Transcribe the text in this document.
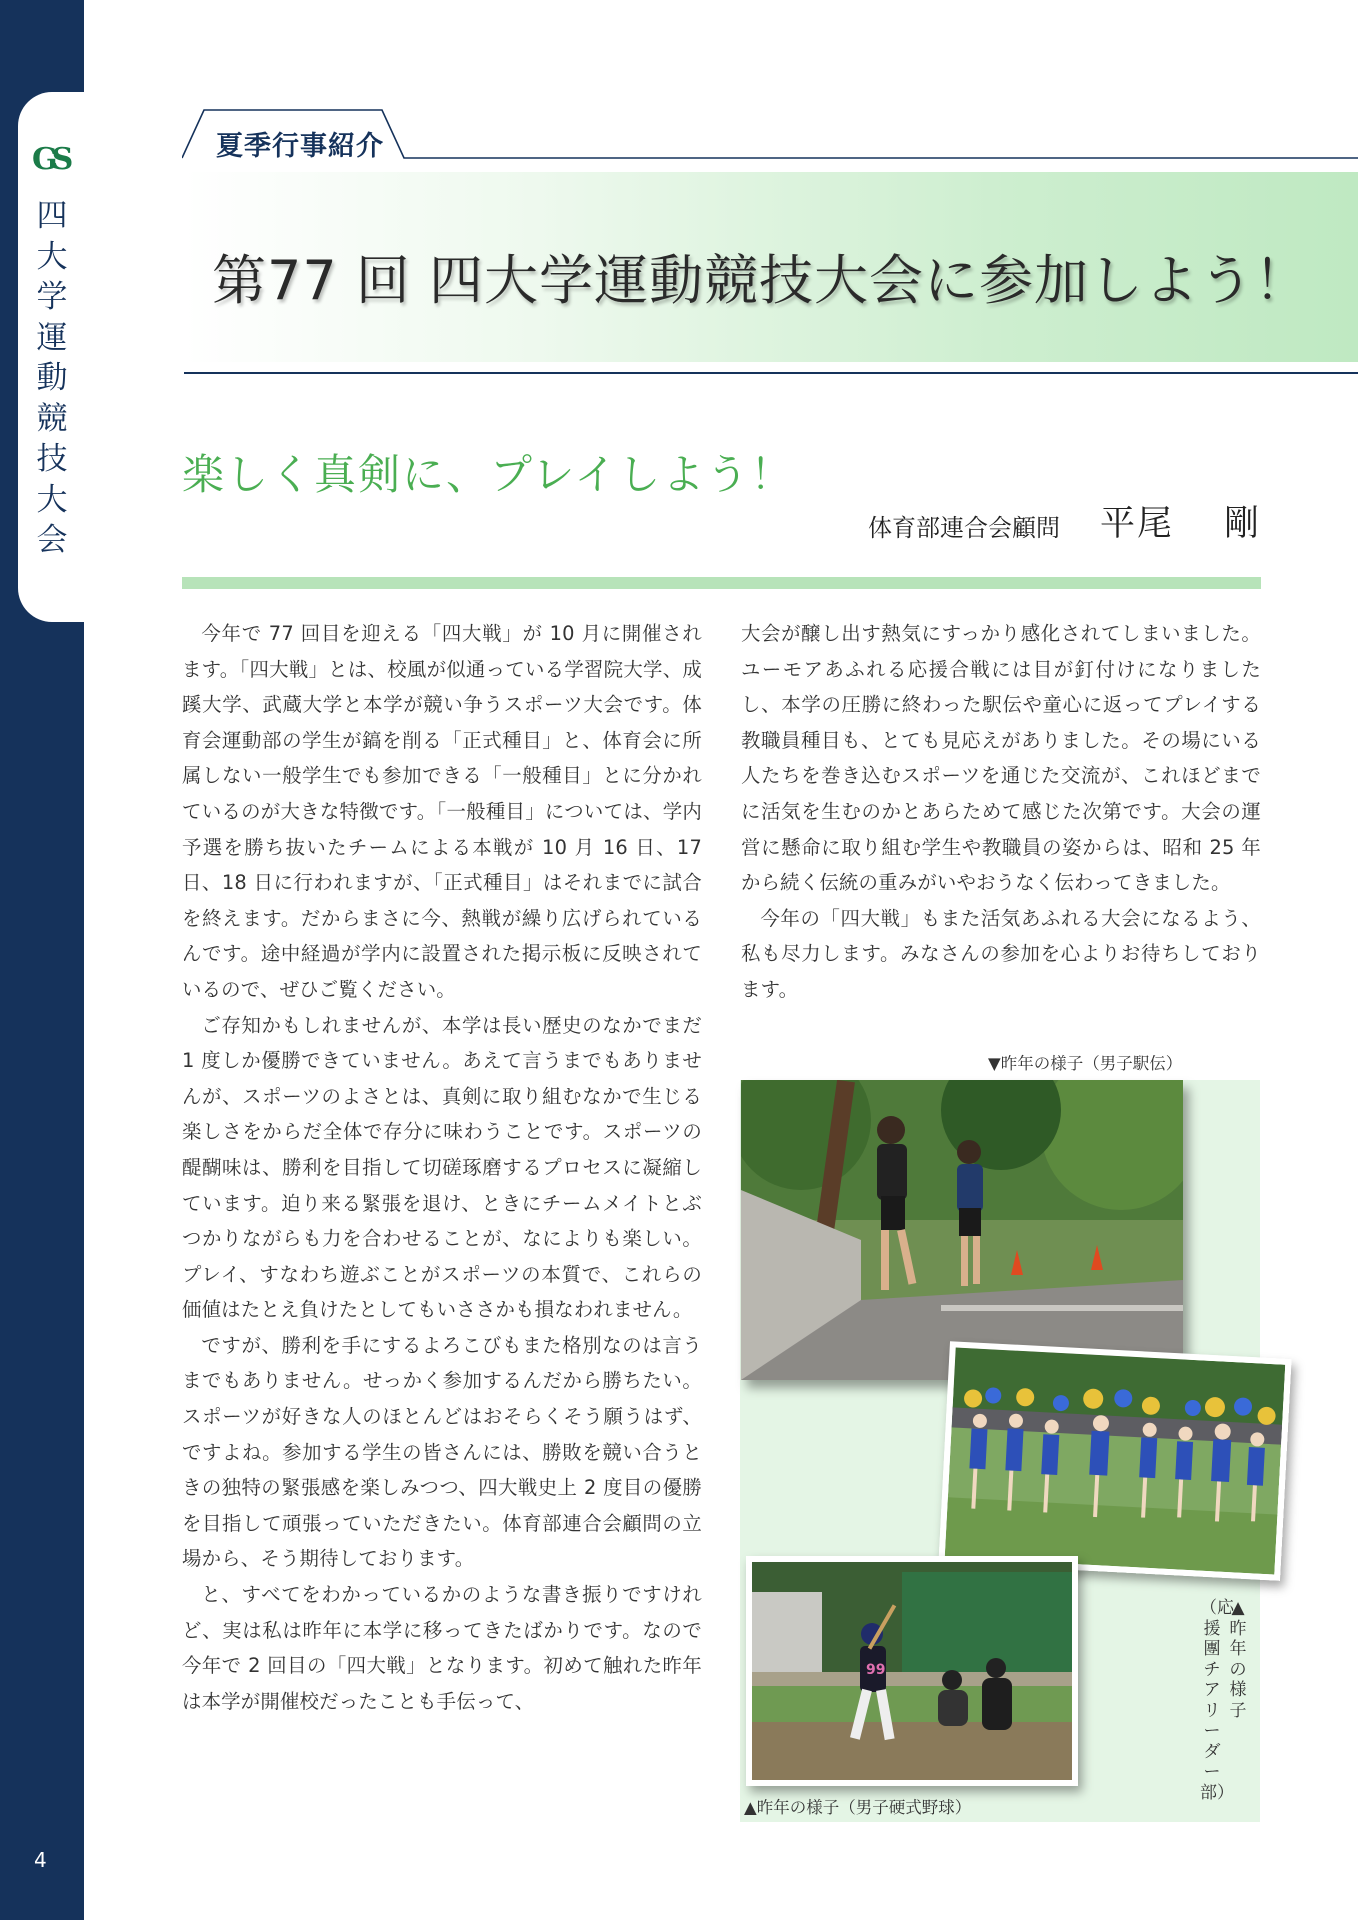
GS
四大学運動競技大会
4
夏季行事紹介
第77 回 四大学運動競技大会に参加しよう！
楽しく真剣に、プレイしよう！
体育部連合会顧問 平尾　 剛

今年で 77 回目を迎える「四大戦」が 10 月に開催されます。「四大戦」とは、校風が似通っている学習院大学、成蹊大学、武蔵大学と本学が競い争うスポーツ大会です。体育会運動部の学生が鎬を削る「正式種目」と、体育会に所属しない一般学生でも参加できる「一般種目」とに分かれているのが大きな特徴です。「一般種目」については、学内予選を勝ち抜いたチームによる本戦が 10 月 16 日、17 日、18 日に行われますが、「正式種目」はそれまでに試合を終えます。だからまさに今、熱戦が繰り広げられているんです。途中経過が学内に設置された掲示板に反映されているので、ぜひご覧ください。

ご存知かもしれませんが、本学は長い歴史のなかでまだ 1 度しか優勝できていません。あえて言うまでもありませんが、スポーツのよさとは、真剣に取り組むなかで生じる楽しさをからだ全体で存分に味わうことです。スポーツの醍醐味は、勝利を目指して切磋琢磨するプロセスに凝縮しています。迫り来る緊張を退け、ときにチームメイトとぶつかりながらも力を合わせることが、なによりも楽しい。プレイ、すなわち遊ぶことがスポーツの本質で、これらの価値はたとえ負けたとしてもいささかも損なわれません。

ですが、勝利を手にするよろこびもまた格別なのは言うまでもありません。せっかく参加するんだから勝ちたい。スポーツが好きな人のほとんどはおそらくそう願うはず、ですよね。参加する学生の皆さんには、勝敗を競い合うときの独特の緊張感を楽しみつつ、四大戦史上 2 度目の優勝を目指して頑張っていただきたい。体育部連合会顧問の立場から、そう期待しております。

と、すべてをわかっているかのような書き振りですけれど、実は私は昨年に本学に移ってきたばかりです。なので今年で 2 回目の「四大戦」となります。初めて触れた昨年は本学が開催校だったことも手伝って、

大会が醸し出す熱気にすっかり感化されてしまいました。ユーモアあふれる応援合戦には目が釘付けになりましたし、本学の圧勝に終わった駅伝や童心に返ってプレイする教職員種目も、とても見応えがありました。その場にいる人たちを巻き込むスポーツを通じた交流が、これほどまでに活気を生むのかとあらためて感じた次第です。大会の運営に懸命に取り組む学生や教職員の姿からは、昭和 25 年から続く伝統の重みがいやおうなく伝わってきました。

今年の「四大戦」もまた活気あふれる大会になるよう、私も尽力します。みなさんの参加を心よりお待ちしております。

▼昨年の様子（男子駅伝）
99
▲昨年の様子（男子硬式野球）
▲昨年の様子
（応援團チアリーダー部）
